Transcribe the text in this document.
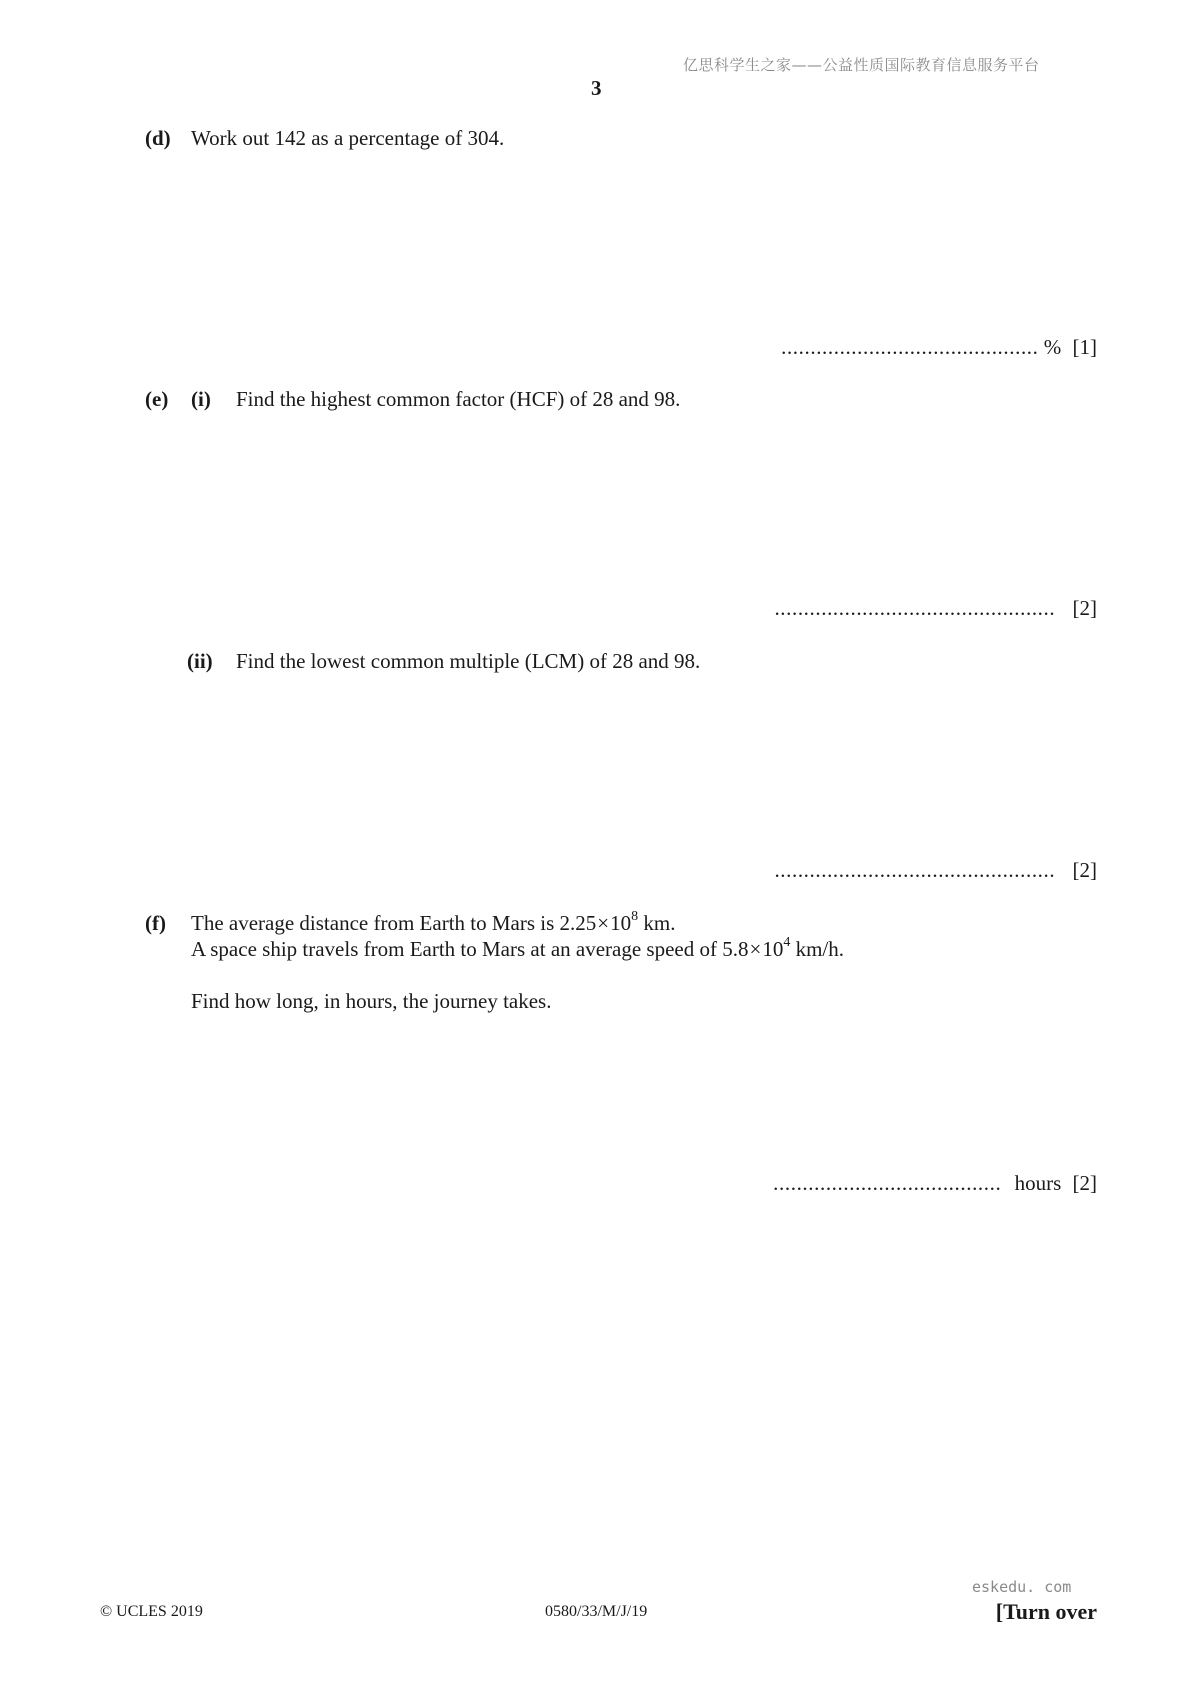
亿思科学生之家——公益性质国际教育信息服务平台
3
(d) Work out 142 as a percentage of 304.
............................................ % [1]
(e) (i) Find the highest common factor (HCF) of 28 and 98.
................................................ [2]
(ii) Find the lowest common multiple (LCM) of 28 and 98.
................................................ [2]
(f) The average distance from Earth to Mars is $2.25\times 10^8$ km.
A space ship travels from Earth to Mars at an average speed of $5.8\times 10^4$ km/h.
Find how long, in hours, the journey takes.
....................................... hours [2]
eskedu. com
© UCLES 2019	0580/33/M/J/19	[Turn over
